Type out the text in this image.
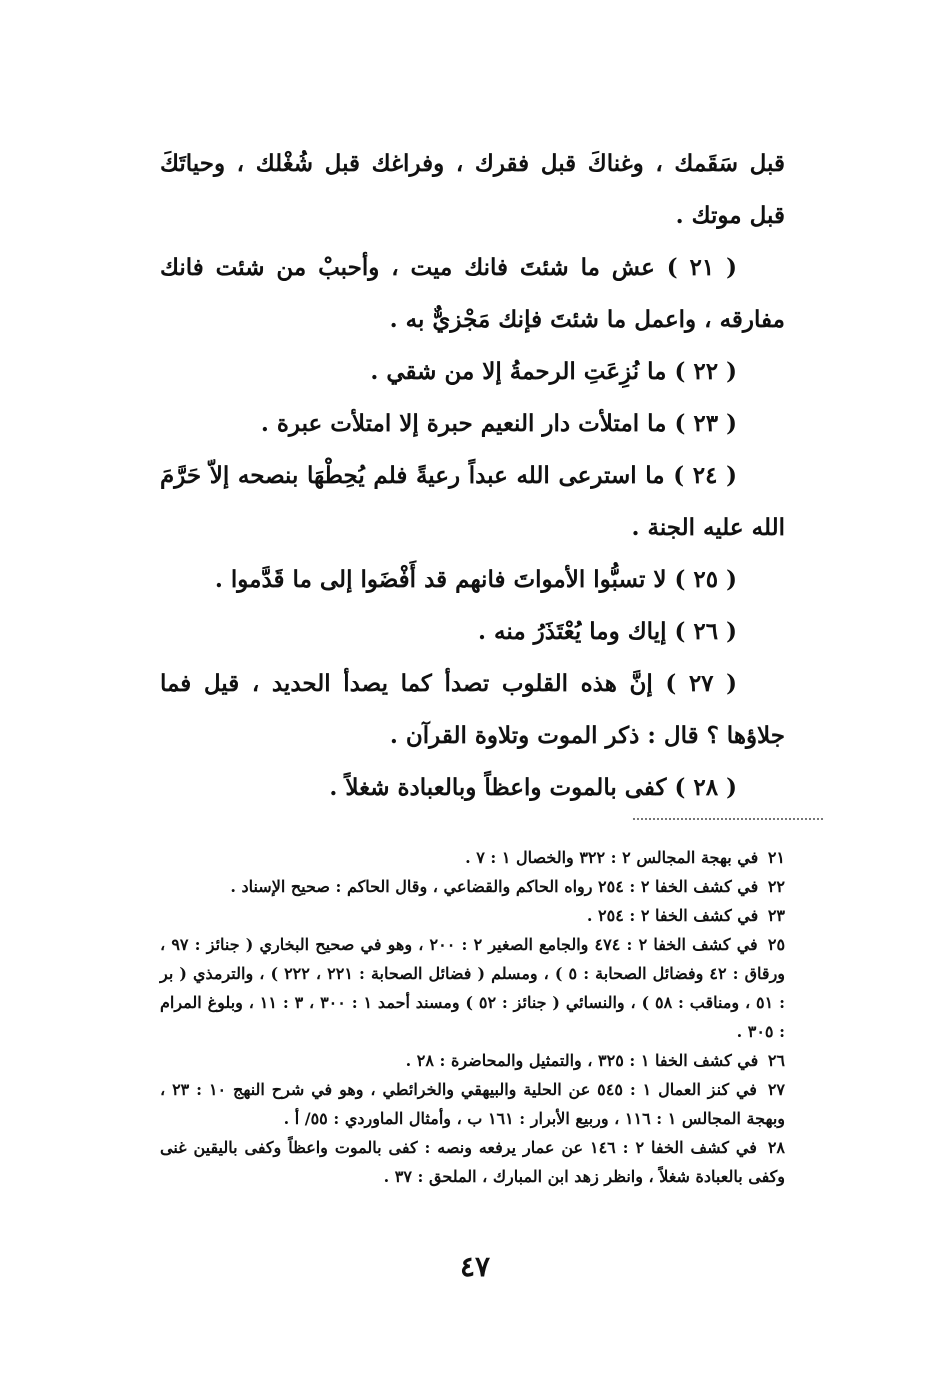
قبل سَقَمك ، وغناكَ قبل فقرك ، وفراغك قبل شُغْلك ، وحياتَكَ قبل موتك .

( ٢١ ) عش ما شئتَ فانك ميت ، وأحببْ من شئت فانك مفارقه ، واعمل ما شئتَ فإنك مَجْزيٌّ به .

( ٢٢ ) ما نُزِعَتِ الرحمةُ إلا من شقي .

( ٢٣ ) ما امتلأت دار النعيم حبرة إلا امتلأت عبرة .

( ٢٤ ) ما استرعى الله عبداً رعيةً فلم يُحِطْهَا بنصحه إلاّ حَرَّمَ الله عليه الجنة .

( ٢٥ ) لا تسبُّوا الأمواتَ فانهم قد أَفْضَوا إلى ما قَدَّموا .

( ٢٦ ) إياك وما يُعْتَذَرُ منه .

( ٢٧ ) إنَّ هذه القلوب تصدأ كما يصدأ الحديد ، قيل فما جلاؤها ؟ قال : ذكر الموت وتلاوة القرآن .

( ٢٨ ) كفى بالموت واعظاً وبالعبادة شغلاً .

٢١ في بهجة المجالس ٢ : ٣٢٢ والخصال ١ : ٧ .

٢٢ في كشف الخفا ٢ : ٢٥٤ رواه الحاكم والقضاعي ، وقال الحاكم : صحيح الإسناد .

٢٣ في كشف الخفا ٢ : ٢٥٤ .

٢٥ في كشف الخفا ٢ : ٤٧٤ والجامع الصغير ٢ : ٢٠٠ ، وهو في صحيح البخاري ( جنائز : ٩٧ ، ورقاق : ٤٢ وفضائل الصحابة : ٥ ) ، ومسلم ( فضائل الصحابة : ٢٢١ ، ٢٢٢ ) ، والترمذي ( بر : ٥١ ، ومناقب : ٥٨ ) ، والنسائي ( جنائز : ٥٢ ) ومسند أحمد ١ : ٣٠٠ ، ٣ : ١١ ، وبلوغ المرام : ٣٠٥ .

٢٦ في كشف الخفا ١ : ٣٢٥ ، والتمثيل والمحاضرة : ٢٨ .

٢٧ في كنز العمال ١ : ٥٤٥ عن الحلية والبيهقي والخرائطي ، وهو في شرح النهج ١٠ : ٢٣ ، وبهجة المجالس ١ : ١١٦ ، وربيع الأبرار : ١٦١ ب ، وأمثال الماوردي : ٥٥/ أ .

٢٨ في كشف الخفا ٢ : ١٤٦ عن عمار يرفعه ونصه : كفى بالموت واعظاً وكفى باليقين غنى وكفى بالعبادة شغلاً ، وانظر زهد ابن المبارك ، الملحق : ٣٧ .

٤٧
